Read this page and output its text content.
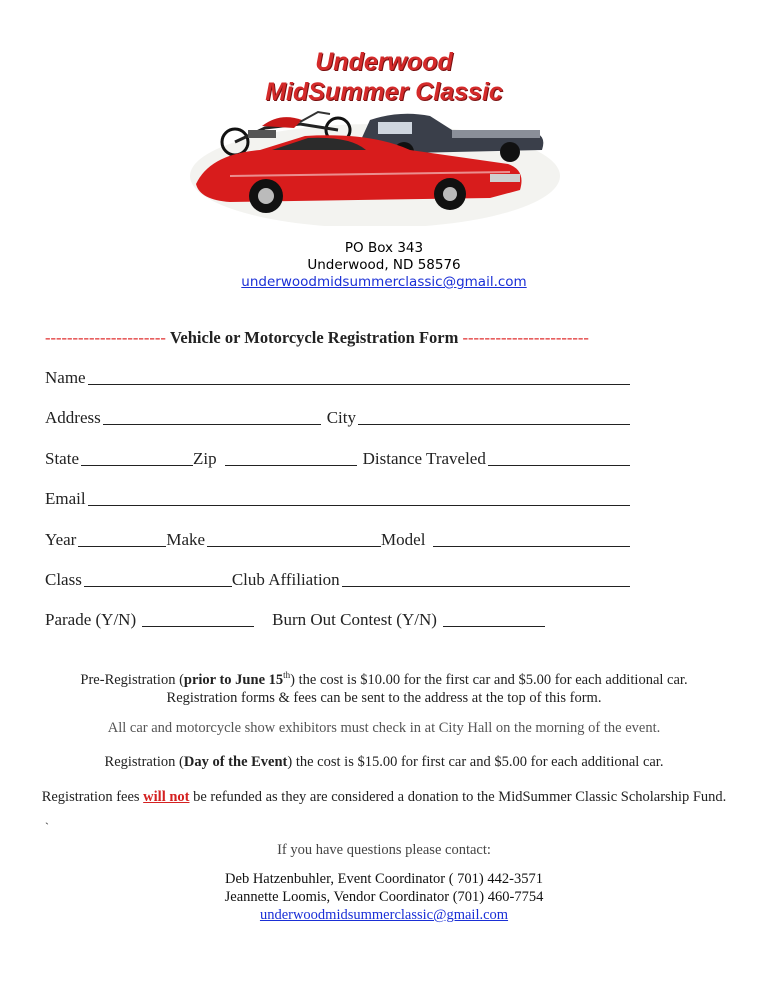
Underwood
MidSummer Classic
PO Box 343
Underwood, ND 58576
underwoodmidsummerclassic@gmail.com
---------------------- Vehicle or Motorcycle Registration Form -----------------------
Name
Address	City
State	Zip	Distance Traveled
Email
Year	Make	Model
Class	Club Affiliation
Parade (Y/N)	Burn Out Contest (Y/N)
Pre-Registration (prior to June 15th) the cost is $10.00 for the first car and $5.00 for each additional car.
Registration forms & fees can be sent to the address at the top of this form.
All car and motorcycle show exhibitors must check in at City Hall on the morning of the event.
Registration (Day of the Event) the cost is $15.00 for first car and $5.00 for each additional car.
Registration fees will not be refunded as they are considered a donation to the MidSummer Classic Scholarship Fund.
`
If you have questions please contact:
Deb Hatzenbuhler, Event Coordinator ( 701) 442-3571
Jeannette Loomis, Vendor Coordinator (701) 460-7754
underwoodmidsummerclassic@gmail.com
